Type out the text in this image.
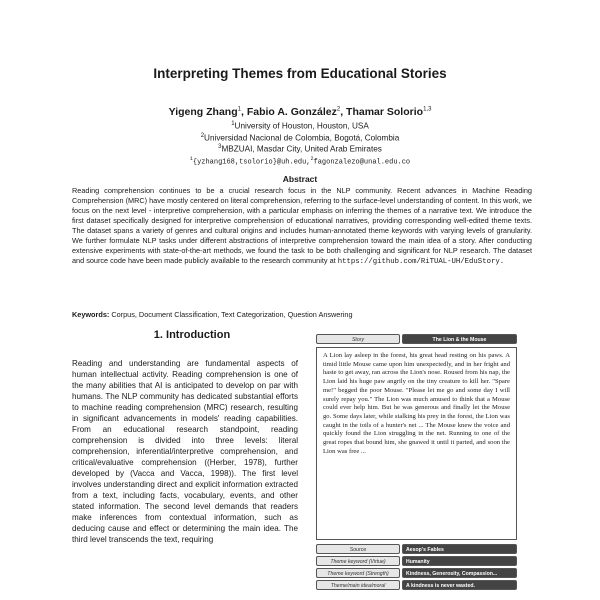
Interpreting Themes from Educational Stories
Yigeng Zhang$^1$, Fabio A. González$^2$, Thamar Solorio$^{1,3}$
$^1$University of Houston, Houston, USA
$^2$Universidad Nacional de Colombia, Bogotá, Colombia
$^3$MBZUAI, Masdar City, United Arab Emirates
$^1${yzhang168,tsolorio}@uh.edu,$^2$fagonzalezo@unal.edu.co
Abstract
Reading comprehension continues to be a crucial research focus in the NLP community. Recent advances in Machine Reading Comprehension (MRC) have mostly centered on literal comprehension, referring to the surface-level understanding of content. In this work, we focus on the next level - interpretive comprehension, with a particular emphasis on inferring the themes of a narrative text. We introduce the first dataset specifically designed for interpretive comprehension of educational narratives, providing corresponding well-edited theme texts. The dataset spans a variety of genres and cultural origins and includes human-annotated theme keywords with varying levels of granularity. We further formulate NLP tasks under different abstractions of interpretive comprehension toward the main idea of a story. After conducting extensive experiments with state-of-the-art methods, we found the task to be both challenging and significant for NLP research. The dataset and source code have been made publicly available to the research community at https://github.com/RiTUAL-UH/EduStory.
Keywords: Corpus, Document Classification, Text Categorization, Question Answering
1. Introduction
Reading and understanding are fundamental aspects of human intellectual activity. Reading comprehension is one of the many abilities that AI is anticipated to develop on par with humans. The NLP community has dedicated substantial efforts to machine reading comprehension (MRC) research, resulting in significant advancements in models' reading capabilities. From an educational research standpoint, reading comprehension is divided into three levels: literal comprehension, inferential/interpretive comprehension, and critical/evaluative comprehension ((Herber, 1978), further developed by (Vacca and Vacca, 1998)). The first level involves understanding direct and explicit information extracted from a text, including facts, vocabulary, events, and other stated information. The second level demands that readers make inferences from contextual information, such as deducing cause and effect or determining the main idea. The third level transcends the text, requiring
Story	The Lion & the Mouse
A Lion lay asleep in the forest, his great head resting on his paws. A timid little Mouse came upon him unexpectedly, and in her fright and haste to get away, ran across the Lion's nose. Roused from his nap, the Lion laid his huge paw angrily on the tiny creature to kill her. "Spare me!" begged the poor Mouse. "Please let me go and some day I will surely repay you." The Lion was much amused to think that a Mouse could ever help him. But he was generous and finally let the Mouse go. Some days later, while stalking his prey in the forest, the Lion was caught in the toils of a hunter's net ... The Mouse knew the voice and quickly found the Lion struggling in the net. Running to one of the great ropes that bound him, she gnawed it until it parted, and soon the Lion was free ...
Source	Aesop's Fables
Theme keyword (Virtue)	Humanity
Theme keyword (Strength)	Kindness, Generosity, Compassion...
Theme/main idea/moral	A kindness is never wasted.
